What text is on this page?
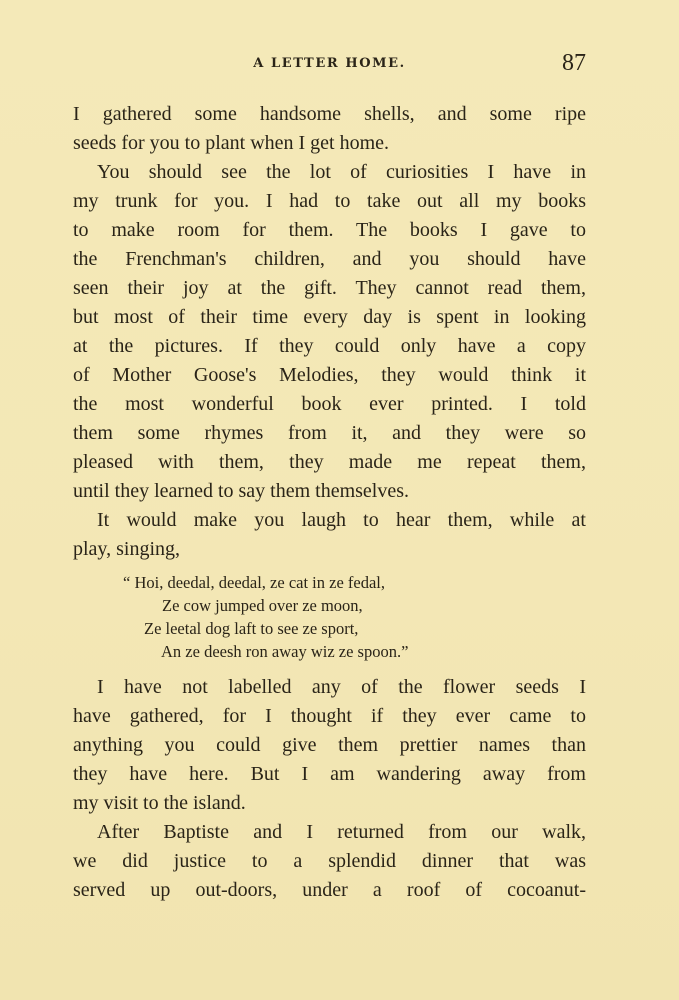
A LETTER HOME.	87
I gathered some handsome shells, and some ripe
seeds for you to plant when I get home.
You should see the lot of curiosities I have in
my trunk for you. I had to take out all my books
to make room for them. The books I gave to
the Frenchman's children, and you should have
seen their joy at the gift. They cannot read them,
but most of their time every day is spent in looking
at the pictures. If they could only have a copy
of Mother Goose's Melodies, they would think it
the most wonderful book ever printed. I told
them some rhymes from it, and they were so
pleased with them, they made me repeat them,
until they learned to say them themselves.
It would make you laugh to hear them, while at
play, singing,
“ Hoi, deedal, deedal, ze cat in ze fedal,
Ze cow jumped over ze moon,
Ze leetal dog laft to see ze sport,
An ze deesh ron away wiz ze spoon.”
I have not labelled any of the flower seeds I
have gathered, for I thought if they ever came to
anything you could give them prettier names than
they have here. But I am wandering away from
my visit to the island.
After Baptiste and I returned from our walk,
we did justice to a splendid dinner that was
served up out-doors, under a roof of cocoanut-
